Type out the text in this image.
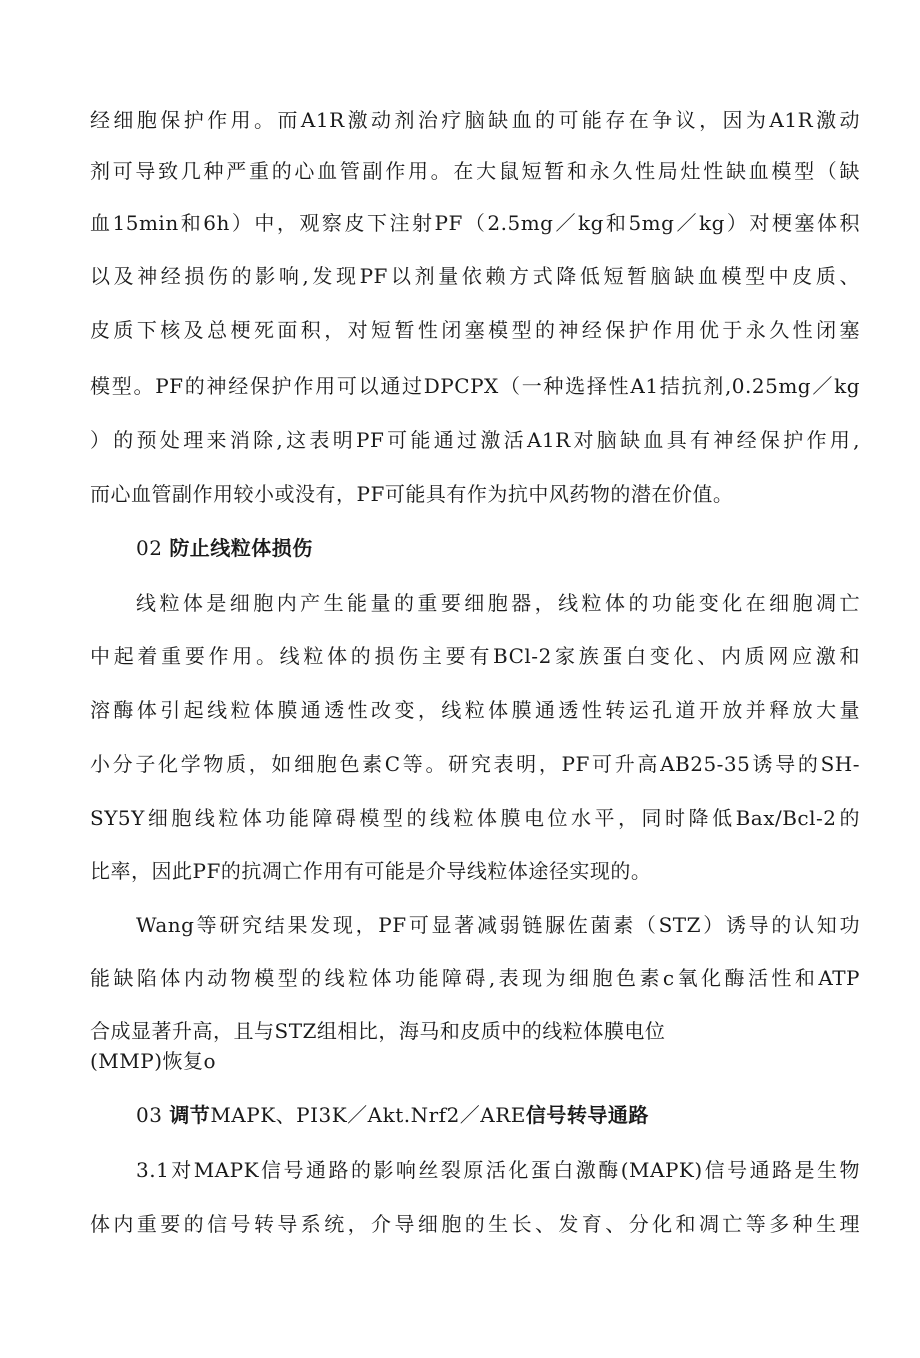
经细胞保护作用。而A1R激动剂治疗脑缺血的可能存在争议，因为A1R激动
剂可导致几种严重的心血管副作用。在大鼠短暂和永久性局灶性缺血模型（缺
血15min和6h）中，观察皮下注射PF（2.5mg／kg和5mg／kg）对梗塞体积
以及神经损伤的影响,发现PF以剂量依赖方式降低短暂脑缺血模型中皮质、
皮质下核及总梗死面积，对短暂性闭塞模型的神经保护作用优于永久性闭塞
模型。PF的神经保护作用可以通过DPCPX（一种选择性A1拮抗剂,0.25mg／kg
）的预处理来消除,这表明PF可能通过激活A1R对脑缺血具有神经保护作用,
而心血管副作用较小或没有，PF可能具有作为抗中风药物的潜在价值。
02 防止线粒体损伤
线粒体是细胞内产生能量的重要细胞器，线粒体的功能变化在细胞凋亡
中起着重要作用。线粒体的损伤主要有BCl-2家族蛋白变化、内质网应激和
溶酶体引起线粒体膜通透性改变，线粒体膜通透性转运孔道开放并释放大量
小分子化学物质，如细胞色素C等。研究表明，PF可升高AB25-35诱导的SH-
SY5Y细胞线粒体功能障碍模型的线粒体膜电位水平，同时降低Bax/Bcl-2的
比率，因此PF的抗凋亡作用有可能是介导线粒体途径实现的。
Wang等研究结果发现，PF可显著减弱链脲佐菌素（STZ）诱导的认知功
能缺陷体内动物模型的线粒体功能障碍,表现为细胞色素c氧化酶活性和ATP
合成显著升高，且与STZ组相比，海马和皮质中的线粒体膜电位
(MMP)恢复o
03 调节MAPK、PI3K／Akt.Nrf2／ARE信号转导通路
3.1对MAPK信号通路的影响丝裂原活化蛋白激酶(MAPK)信号通路是生物
体内重要的信号转导系统，介导细胞的生长、发育、分化和凋亡等多种生理
